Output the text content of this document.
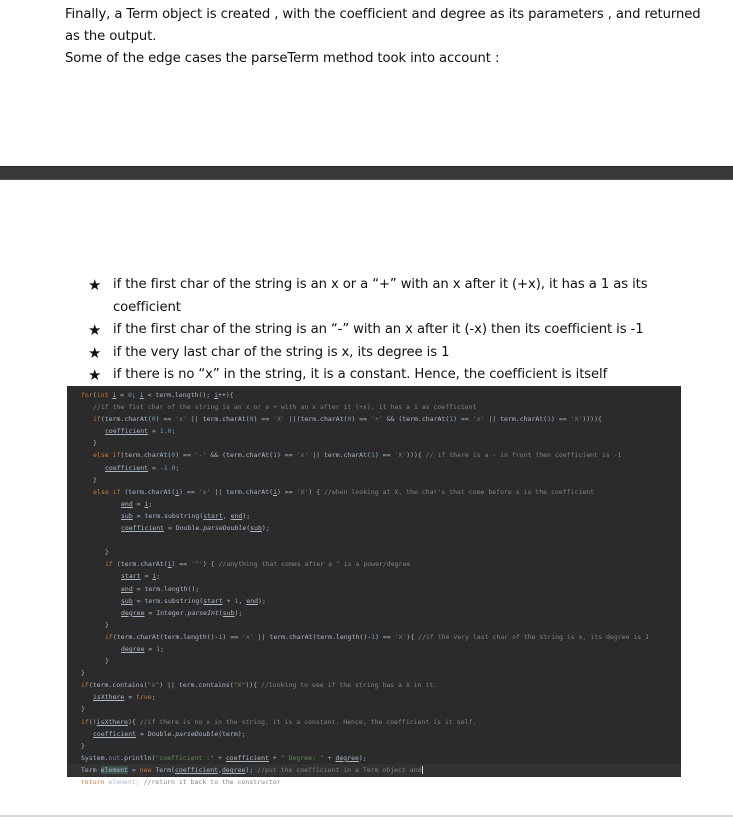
Finally, a Term object is created , with the coefficient and degree as its parameters , and returned as the output.
Some of the edge cases the parseTerm method took into account :
★ if the first char of the string is an x or a “+” with an x after it (+x), it has a 1 as its coefficient
★ if the first char of the string is an “-” with an x after it (-x) then its coefficient is -1
★ if the very last char of the string is x, its degree is 1
★ if there is no “x” in the string, it is a constant. Hence, the coefficient is itself
for(int i = 0; i < term.length(); i++){
//if the fist char of the string is an x or a + with an x after it (+x), it has a 1 as coefficient
if(term.charAt(0) == 'x' || term.charAt(0) == 'X' ||(term.charAt(0) == '+' && (term.charAt(1) == 'x' || term.charAt(1) == 'X')))){
coefficient = 1.0;
}
else if(term.charAt(0) == '-' && (term.charAt(1) == 'x' || term.charAt(1) == 'X'))){ // if there is a - in front then coefficient is -1
coefficient = -1.0;
}
else if (term.charAt(i) == 'x' || term.charAt(i) == 'X') { //when looking at X, the char's that come before x is the coefficient
end = i;
sub = term.substring(start, end);
coefficient = Double.parseDouble(sub);
}
if (term.charAt(i) == '^') { //anything that comes after a ^ is a power/degree
start = i;
end = term.length();
sub = term.substring(start + 1, end);
degree = Integer.parseInt(sub);
}
if(term.charAt(term.length()-1) == 'x' || term.charAt(term.length()-1) == 'X'){ //if the very last char of the string is x, its degree is 1
degree = 1;
}
}
if(term.contains("x") || term.contains("X")){ //looking to see if the string has a X in it.
isXthere = true;
}
if(!isXthere){ //if there is no x in the string, it is a constant. Hence, the coefficient is it self.
coefficient = Double.parseDouble(term);
}
System.out.println("coefficient :" + coefficient + " Degree: " + degree);
Term element = new Term(coefficient,degree); //put the coefficient in a Term object and
return element; //return it back to the constructor
